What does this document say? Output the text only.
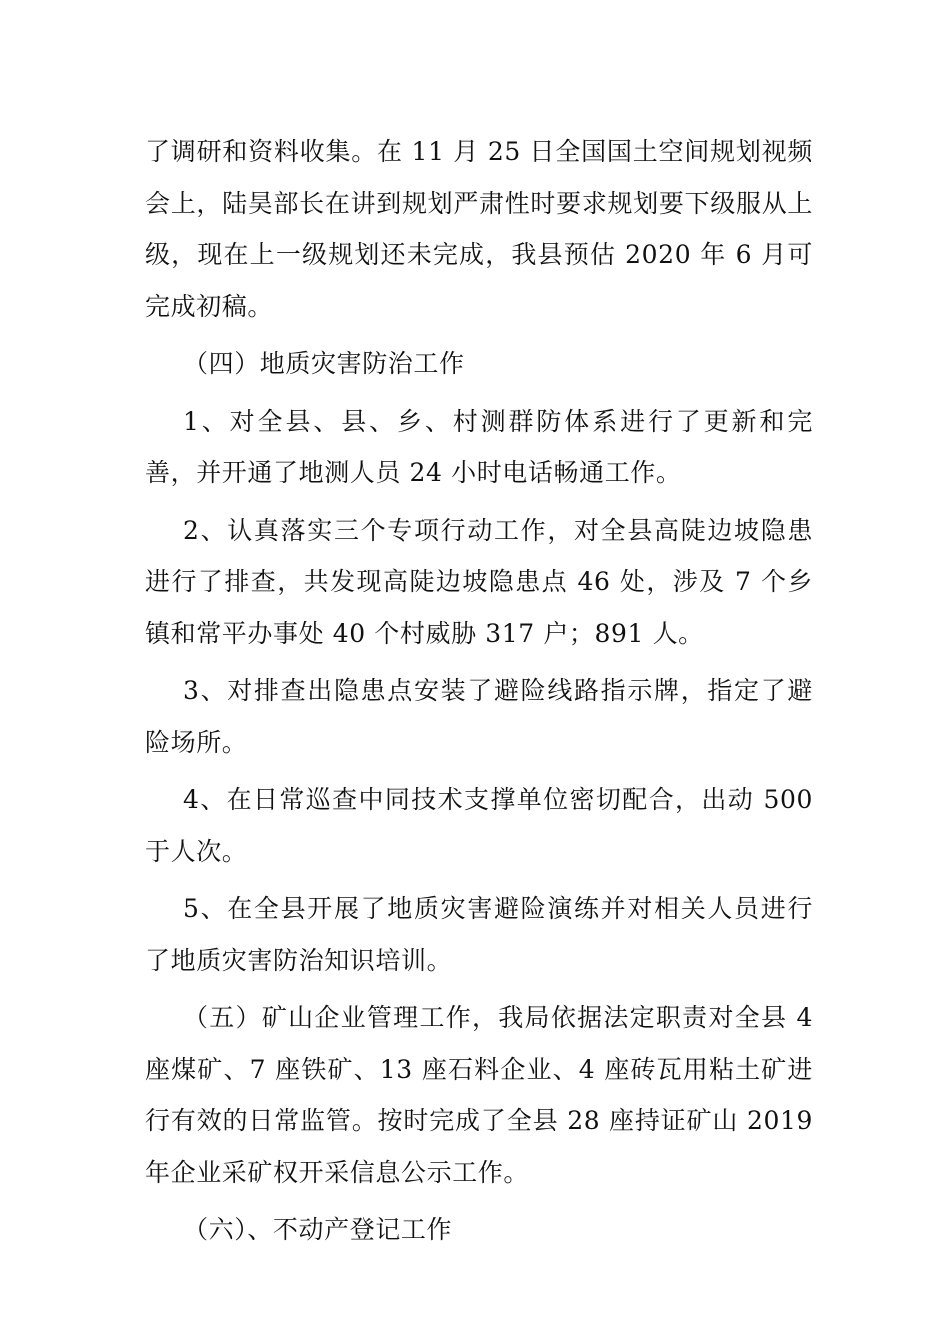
了调研和资料收集。在 11 月 25 日全国国土空间规划视频会上，陆昊部长在讲到规划严肃性时要求规划要下级服从上级，现在上一级规划还未完成，我县预估 2020 年 6 月可完成初稿。

（四）地质灾害防治工作

1、对全县、县、乡、村测群防体系进行了更新和完善，并开通了地测人员 24 小时电话畅通工作。

2、认真落实三个专项行动工作，对全县高陡边坡隐患进行了排查，共发现高陡边坡隐患点 46 处，涉及 7 个乡镇和常平办事处 40 个村威胁 317 户；891 人。

3、对排查出隐患点安装了避险线路指示牌，指定了避险场所。

4、在日常巡查中同技术支撑单位密切配合，出动 500 于人次。

5、在全县开展了地质灾害避险演练并对相关人员进行了地质灾害防治知识培训。

（五）矿山企业管理工作，我局依据法定职责对全县 4 座煤矿、7 座铁矿、13 座石料企业、4 座砖瓦用粘土矿进行有效的日常监管。按时完成了全县 28 座持证矿山 2019 年企业采矿权开采信息公示工作。

（六）、不动产登记工作
